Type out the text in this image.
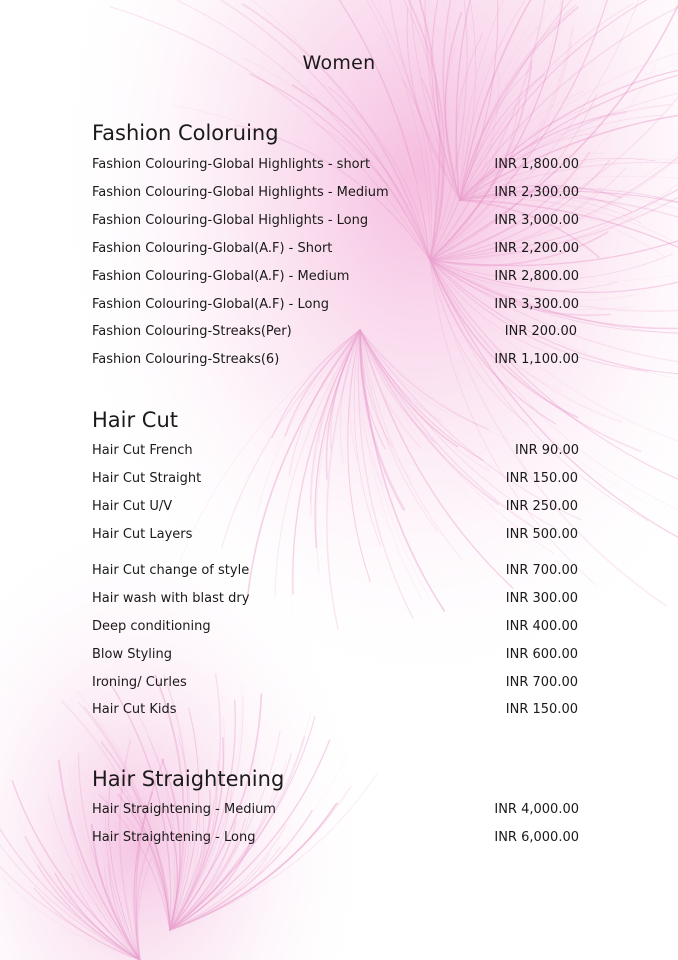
Women
Fashion Coloruing
Fashion Colouring-Global Highlights - short	INR 1,800.00
Fashion Colouring-Global Highlights - Medium	INR 2,300.00
Fashion Colouring-Global Highlights - Long	INR 3,000.00
Fashion Colouring-Global(A.F) - Short	INR 2,200.00
Fashion Colouring-Global(A.F) - Medium	INR 2,800.00
Fashion Colouring-Global(A.F) - Long	INR 3,300.00
Fashion Colouring-Streaks(Per)	INR 200.00
Fashion Colouring-Streaks(6)	INR 1,100.00
Hair Cut
Hair Cut French	INR 90.00
Hair Cut Straight	INR 150.00
Hair Cut U/V	INR 250.00
Hair Cut Layers	INR 500.00
Hair Cut change of style	INR 700.00
Hair wash with blast dry	INR 300.00
Deep conditioning	INR 400.00
Blow Styling	INR 600.00
Ironing/ Curles	INR 700.00
Hair Cut Kids	INR 150.00
Hair Straightening
Hair Straightening - Medium	INR 4,000.00
Hair Straightening - Long	INR 6,000.00
